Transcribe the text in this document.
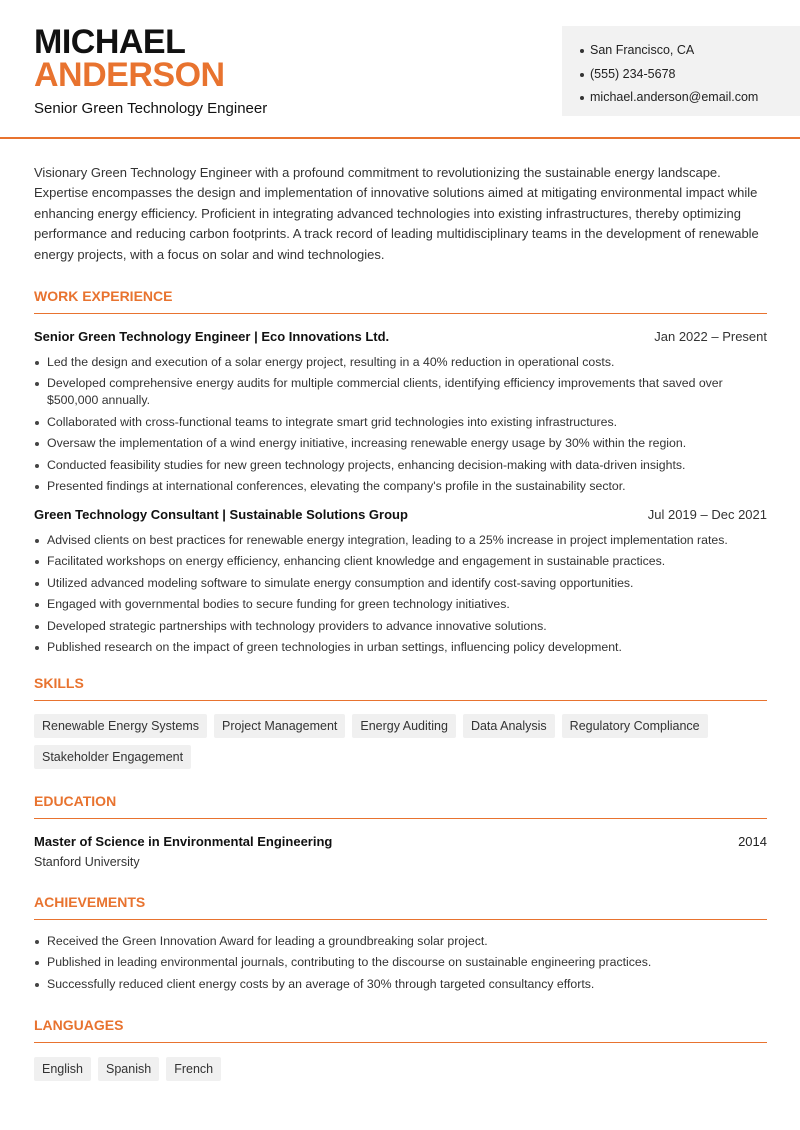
MICHAEL
ANDERSON
Senior Green Technology Engineer
San Francisco, CA
(555) 234-5678
michael.anderson@email.com

Visionary Green Technology Engineer with a profound commitment to revolutionizing the sustainable energy landscape. Expertise encompasses the design and implementation of innovative solutions aimed at mitigating environmental impact while enhancing energy efficiency. Proficient in integrating advanced technologies into existing infrastructures, thereby optimizing performance and reducing carbon footprints. A track record of leading multidisciplinary teams in the development of renewable energy projects, with a focus on solar and wind technologies.

WORK EXPERIENCE
Senior Green Technology Engineer | Eco Innovations Ltd.	Jan 2022 – Present
Led the design and execution of a solar energy project, resulting in a 40% reduction in operational costs.
Developed comprehensive energy audits for multiple commercial clients, identifying efficiency improvements that saved over $500,000 annually.
Collaborated with cross-functional teams to integrate smart grid technologies into existing infrastructures.
Oversaw the implementation of a wind energy initiative, increasing renewable energy usage by 30% within the region.
Conducted feasibility studies for new green technology projects, enhancing decision-making with data-driven insights.
Presented findings at international conferences, elevating the company's profile in the sustainability sector.
Green Technology Consultant | Sustainable Solutions Group	Jul 2019 – Dec 2021
Advised clients on best practices for renewable energy integration, leading to a 25% increase in project implementation rates.
Facilitated workshops on energy efficiency, enhancing client knowledge and engagement in sustainable practices.
Utilized advanced modeling software to simulate energy consumption and identify cost-saving opportunities.
Engaged with governmental bodies to secure funding for green technology initiatives.
Developed strategic partnerships with technology providers to advance innovative solutions.
Published research on the impact of green technologies in urban settings, influencing policy development.
SKILLS
Renewable Energy Systems	Project Management	Energy Auditing	Data Analysis	Regulatory Compliance
Stakeholder Engagement
EDUCATION
Master of Science in Environmental Engineering	2014
Stanford University
ACHIEVEMENTS
Received the Green Innovation Award for leading a groundbreaking solar project.
Published in leading environmental journals, contributing to the discourse on sustainable engineering practices.
Successfully reduced client energy costs by an average of 30% through targeted consultancy efforts.
LANGUAGES
English	Spanish	French
